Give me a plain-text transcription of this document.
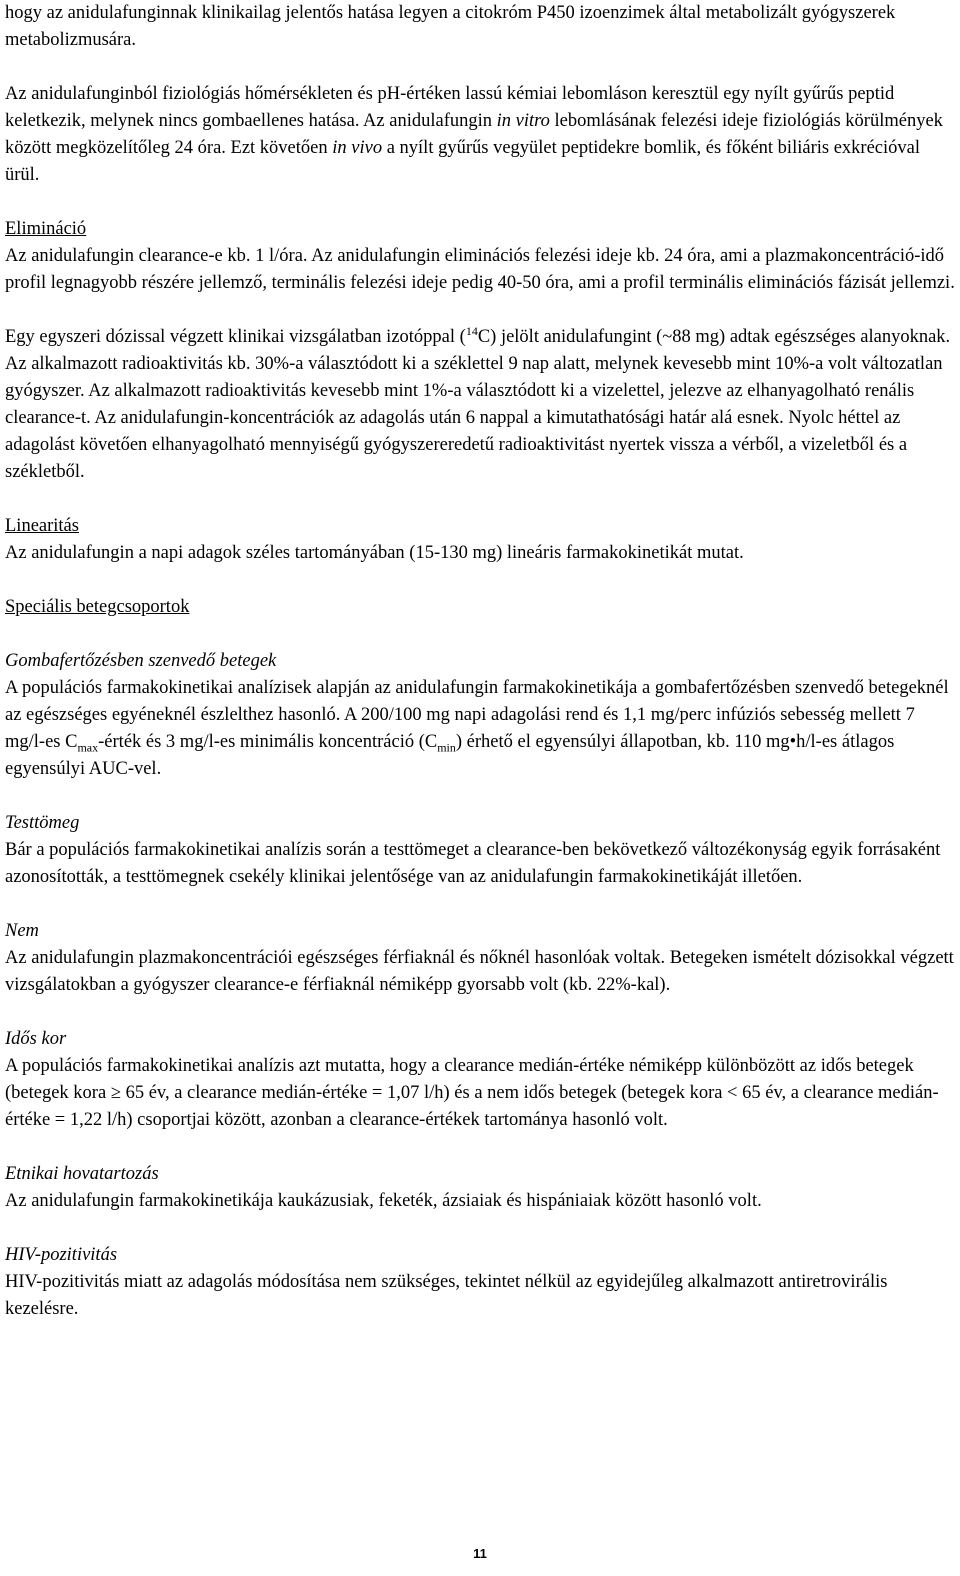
hogy az anidulafunginnak klinikailag jelentős hatása legyen a citokróm P450 izoenzimek által metabolizált gyógyszerek metabolizmusára.

Az anidulafunginból fiziológiás hőmérsékleten és pH-értéken lassú kémiai lebomláson keresztül egy nyílt gyűrűs peptid keletkezik, melynek nincs gombaellenes hatása. Az anidulafungin in vitro lebomlásának felezési ideje fiziológiás körülmények között megközelítőleg 24 óra. Ezt követően in vivo a nyílt gyűrűs vegyület peptidekre bomlik, és főként biliáris exkrécióval ürül.

Elimináció

Az anidulafungin clearance-e kb. 1 l/óra. Az anidulafungin eliminációs felezési ideje kb. 24 óra, ami a plazmakoncentráció-idő profil legnagyobb részére jellemző, terminális felezési ideje pedig 40-50 óra, ami a profil terminális eliminációs fázisát jellemzi.

Egy egyszeri dózissal végzett klinikai vizsgálatban izotóppal ($^{14}$C) jelölt anidulafungint (~88 mg) adtak egészséges alanyoknak. Az alkalmazott radioaktivitás kb. 30%-a választódott ki a széklettel 9 nap alatt, melynek kevesebb mint 10%-a volt változatlan gyógyszer. Az alkalmazott radioaktivitás kevesebb mint 1%-a választódott ki a vizelettel, jelezve az elhanyagolható renális clearance-t. Az anidulafungin-koncentrációk az adagolás után 6 nappal a kimutathatósági határ alá esnek. Nyolc héttel az adagolást követően elhanyagolható mennyiségű gyógyszereredetű radioaktivitást nyertek vissza a vérből, a vizeletből és a székletből.

Linearitás

Az anidulafungin a napi adagok széles tartományában (15-130 mg) lineáris farmakokinetikát mutat.

Speciális betegcsoportok

Gombafertőzésben szenvedő betegek

A populációs farmakokinetikai analízisek alapján az anidulafungin farmakokinetikája a gombafertőzésben szenvedő betegeknél az egészséges egyéneknél észlelthez hasonló. A 200/100 mg napi adagolási rend és 1,1 mg/perc infúziós sebesség mellett 7 mg/l-es $C_{max}$-érték és 3 mg/l-es minimális koncentráció $(C_{min})$ érhető el egyensúlyi állapotban, kb. 110 mg•h/l-es átlagos egyensúlyi AUC-vel.

Testtömeg

Bár a populációs farmakokinetikai analízis során a testtömeget a clearance-ben bekövetkező változékonyság egyik forrásaként azonosították, a testtömegnek csekély klinikai jelentősége van az anidulafungin farmakokinetikáját illetően.

Nem

Az anidulafungin plazmakoncentrációi egészséges férfiaknál és nőknél hasonlóak voltak. Betegeken ismételt dózisokkal végzett vizsgálatokban a gyógyszer clearance-e férfiaknál némiképp gyorsabb volt (kb. 22%-kal).

Idős kor

A populációs farmakokinetikai analízis azt mutatta, hogy a clearance medián-értéke némiképp különbözött az idős betegek (betegek kora ≥ 65 év, a clearance medián-értéke = 1,07 l/h) és a nem idős betegek (betegek kora < 65 év, a clearance medián-értéke = 1,22 l/h) csoportjai között, azonban a clearance-értékek tartománya hasonló volt.

Etnikai hovatartozás

Az anidulafungin farmakokinetikája kaukázusiak, feketék, ázsiaiak és hispániaiak között hasonló volt.

HIV-pozitivitás

HIV-pozitivitás miatt az adagolás módosítása nem szükséges, tekintet nélkül az egyidejűleg alkalmazott antiretrovirális kezelésre.

11
